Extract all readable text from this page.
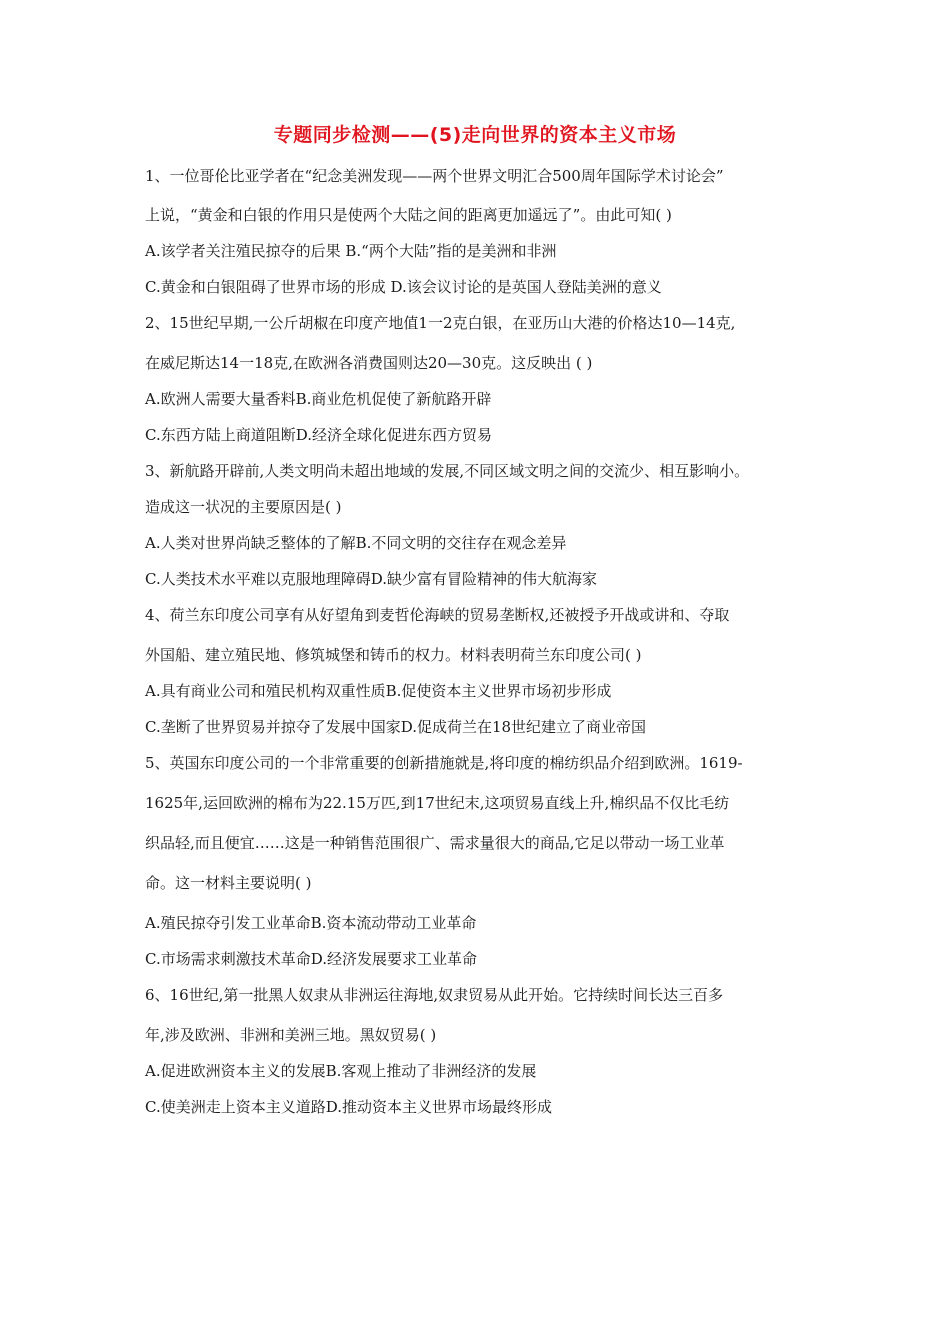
专题同步检测——(5)走向世界的资本主义市场
1、一位哥伦比亚学者在“纪念美洲发现——两个世界文明汇合500周年国际学术讨论会”
上说，“黄金和白银的作用只是使两个大陆之间的距离更加遥远了”。由此可知( )
A.该学者关注殖民掠夺的后果 B.“两个大陆”指的是美洲和非洲
C.黄金和白银阻碍了世界市场的形成 D.该会议讨论的是英国人登陆美洲的意义
2、15世纪早期,一公斤胡椒在印度产地值1一2克白银，在亚历山大港的价格达10—14克,
在威尼斯达14一18克,在欧洲各消费国则达20—30克。这反映出 ( )
A.欧洲人需要大量香料B.商业危机促使了新航路开辟
C.东西方陆上商道阻断D.经济全球化促进东西方贸易
3、新航路开辟前,人类文明尚未超出地域的发展,不同区域文明之间的交流少、相互影响小。
造成这一状况的主要原因是( )
A.人类对世界尚缺乏整体的了解B.不同文明的交往存在观念差异
C.人类技术水平难以克服地理障碍D.缺少富有冒险精神的伟大航海家
4、荷兰东印度公司享有从好望角到麦哲伦海峡的贸易垄断权,还被授予开战或讲和、夺取
外国船、建立殖民地、修筑城堡和铸币的权力。材料表明荷兰东印度公司( )
A.具有商业公司和殖民机构双重性质B.促使资本主义世界市场初步形成
C.垄断了世界贸易并掠夺了发展中国家D.促成荷兰在18世纪建立了商业帝国
5、英国东印度公司的一个非常重要的创新措施就是,将印度的棉纺织品介绍到欧洲。1619-
1625年,运回欧洲的棉布为22.15万匹,到17世纪末,这项贸易直线上升,棉织品不仅比毛纺
织品轻,而且便宜……这是一种销售范围很广、需求量很大的商品,它足以带动一场工业革
命。这一材料主要说明( )
A.殖民掠夺引发工业革命B.资本流动带动工业革命
C.市场需求刺激技术革命D.经济发展要求工业革命
6、16世纪,第一批黑人奴隶从非洲运往海地,奴隶贸易从此开始。它持续时间长达三百多
年,涉及欧洲、非洲和美洲三地。黑奴贸易( )
A.促进欧洲资本主义的发展B.客观上推动了非洲经济的发展
C.使美洲走上资本主义道路D.推动资本主义世界市场最终形成
